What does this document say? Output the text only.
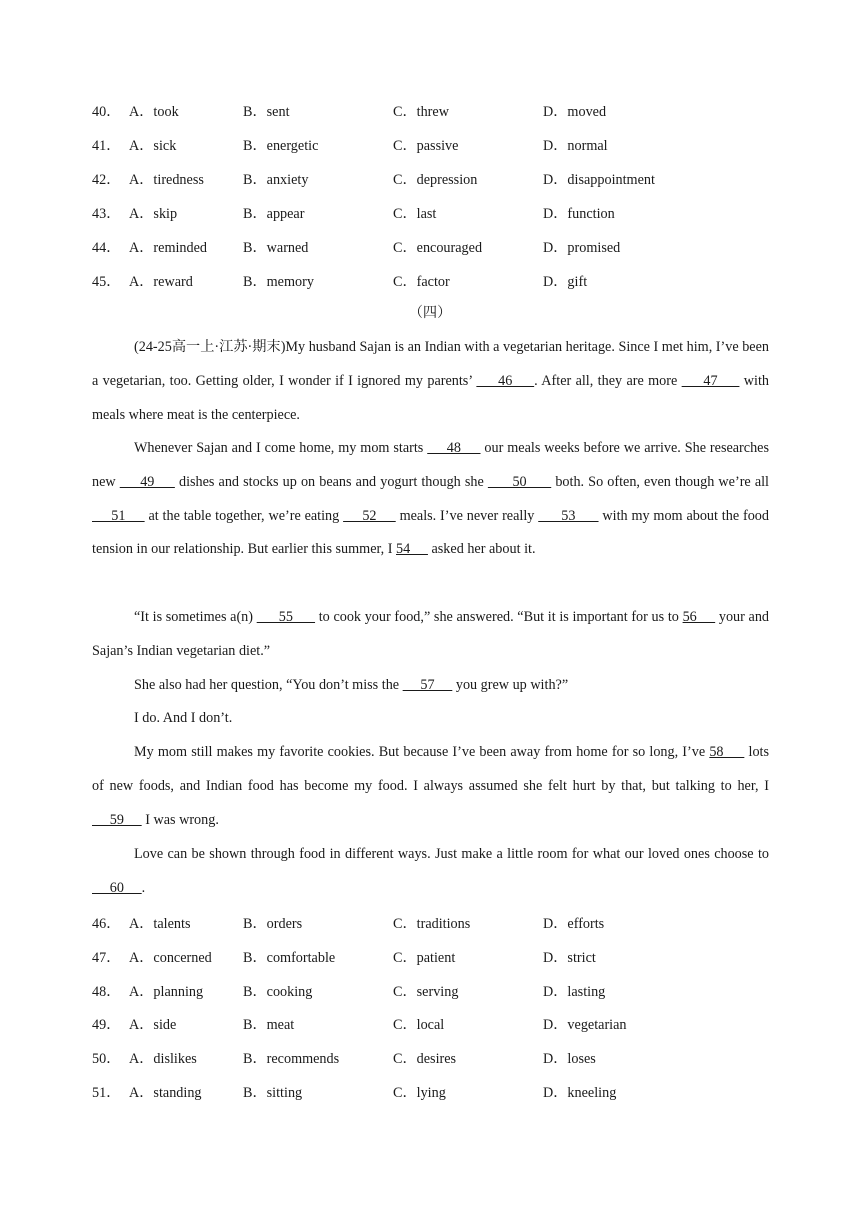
40． A．took	B．sent	C．threw	D．moved
41． A．sick	B．energetic	C．passive	D．normal
42． A．tiredness	B．anxiety	C．depression	D．disappointment
43． A．skip	B．appear	C．last	D．function
44． A．reminded	B．warned	C．encouraged	D．promised
45． A．reward	B．memory	C．factor	D．gift
（四）
(24-25高一上·江苏·期末)My husband Sajan is an Indian with a vegetarian heritage. Since I met him, I’ve been a vegetarian, too. Getting older, I wonder if I ignored my parents’      46     . After all, they are more      47      with meals where meat is the centerpiece.
Whenever Sajan and I come home, my mom starts      48      our meals weeks before we arrive. She researches new      49      dishes and stocks up on beans and yogurt though she       50       both. So often, even though we’re all      51      at the table together, we’re eating      52      meals. I’ve never really       53       with my mom about the food tension in our relationship. But earlier this summer, I 54      asked her about it.
“It is sometimes a(n)       55       to cook your food,” she answered. “But it is important for us to 56      your and Sajan’s Indian vegetarian diet.”
She also had her question, “You don’t miss the      57      you grew up with?”
I do. And I don’t.
My mom still makes my favorite cookies. But because I’ve been away from home for so long, I’ve 58      lots of new foods, and Indian food has become my food. I always assumed she felt hurt by that, but talking to her, I      59      I was wrong.
Love can be shown through food in different ways. Just make a little room for what our loved ones choose to      60     .
46． A．talents	B．orders	C．traditions	D．efforts
47． A．concerned B．comfortable	C．patient	D．strict
48． A．planning	B．cooking	C．serving	D．lasting
49． A．side	B．meat	C．local	D．vegetarian
50． A．dislikes	B．recommends	C．desires	D．loses
51． A．standing	B．sitting	C．lying	D．kneeling
